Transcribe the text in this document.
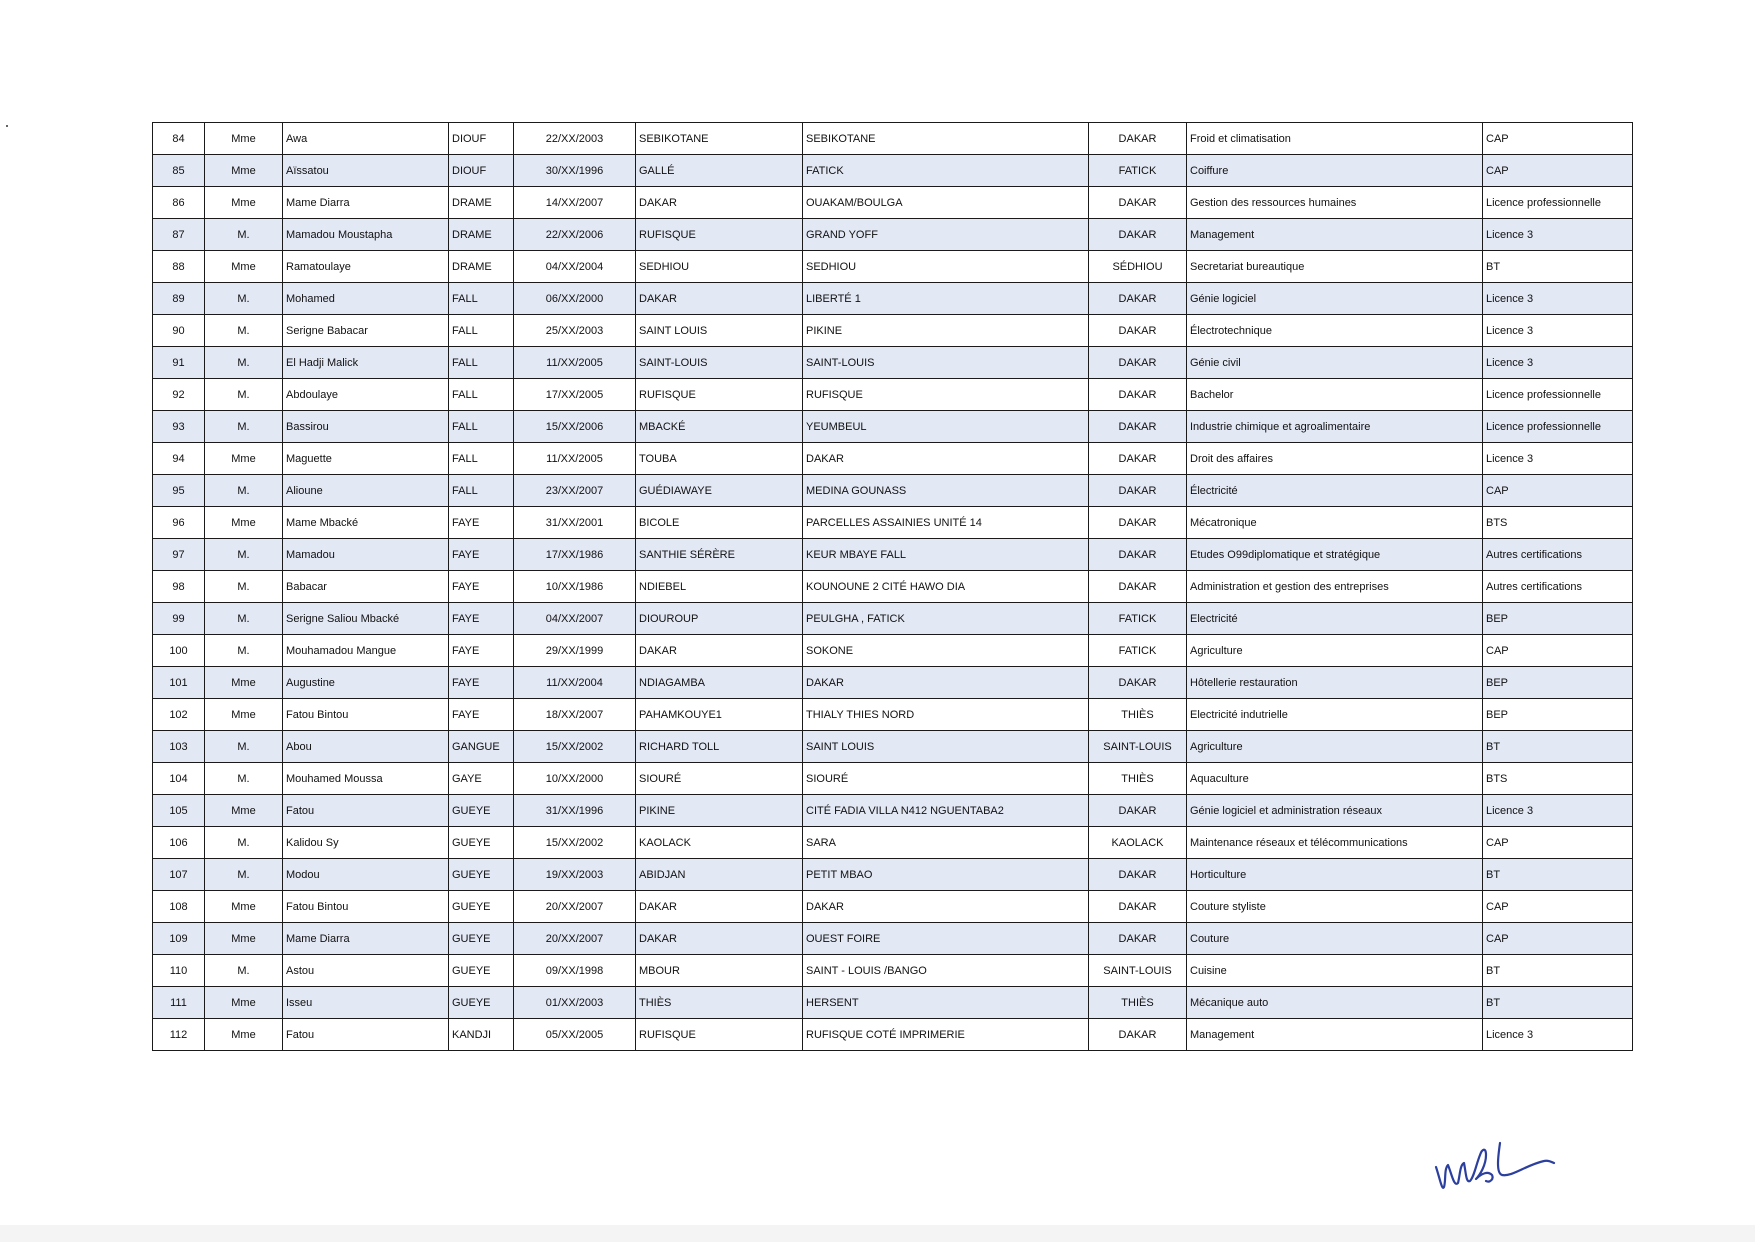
84	Mme	Awa	DIOUF	22/XX/2003	SEBIKOTANE	SEBIKOTANE	DAKAR	Froid et climatisation	CAP
85	Mme	Aïssatou	DIOUF	30/XX/1996	GALLÉ	FATICK	FATICK	Coiffure	CAP
86	Mme	Mame Diarra	DRAME	14/XX/2007	DAKAR	OUAKAM/BOULGA	DAKAR	Gestion des ressources humaines	Licence professionnelle
87	M.	Mamadou Moustapha	DRAME	22/XX/2006	RUFISQUE	GRAND YOFF	DAKAR	Management	Licence 3
88	Mme	Ramatoulaye	DRAME	04/XX/2004	SEDHIOU	SEDHIOU	SÉDHIOU	Secretariat bureautique	BT
89	M.	Mohamed	FALL	06/XX/2000	DAKAR	LIBERTÉ 1	DAKAR	Génie logiciel	Licence 3
90	M.	Serigne Babacar	FALL	25/XX/2003	SAINT LOUIS	PIKINE	DAKAR	Électrotechnique	Licence 3
91	M.	El Hadji Malick	FALL	11/XX/2005	SAINT-LOUIS	SAINT-LOUIS	DAKAR	Génie civil	Licence 3
92	M.	Abdoulaye	FALL	17/XX/2005	RUFISQUE	RUFISQUE	DAKAR	Bachelor	Licence professionnelle
93	M.	Bassirou	FALL	15/XX/2006	MBACKÉ	YEUMBEUL	DAKAR	Industrie chimique et agroalimentaire	Licence professionnelle
94	Mme	Maguette	FALL	11/XX/2005	TOUBA	DAKAR	DAKAR	Droit des affaires	Licence 3
95	M.	Alioune	FALL	23/XX/2007	GUÉDIAWAYE	MEDINA GOUNASS	DAKAR	Électricité	CAP
96	Mme	Mame Mbacké	FAYE	31/XX/2001	BICOLE	PARCELLES ASSAINIES UNITÉ 14	DAKAR	Mécatronique	BTS
97	M.	Mamadou	FAYE	17/XX/1986	SANTHIE SÉRÈRE	KEUR MBAYE FALL	DAKAR	Etudes O99diplomatique et stratégique	Autres certifications
98	M.	Babacar	FAYE	10/XX/1986	NDIEBEL	KOUNOUNE 2 CITÉ HAWO DIA	DAKAR	Administration et gestion des entreprises	Autres certifications
99	M.	Serigne Saliou Mbacké	FAYE	04/XX/2007	DIOUROUP	PEULGHA , FATICK	FATICK	Electricité	BEP
100	M.	Mouhamadou Mangue	FAYE	29/XX/1999	DAKAR	SOKONE	FATICK	Agriculture	CAP
101	Mme	Augustine	FAYE	11/XX/2004	NDIAGAMBA	DAKAR	DAKAR	Hôtellerie restauration	BEP
102	Mme	Fatou Bintou	FAYE	18/XX/2007	PAHAMKOUYE1	THIALY THIES NORD	THIÈS	Electricité indutrielle	BEP
103	M.	Abou	GANGUE	15/XX/2002	RICHARD TOLL	SAINT LOUIS	SAINT-LOUIS	Agriculture	BT
104	M.	Mouhamed Moussa	GAYE	10/XX/2000	SIOURÉ	SIOURÉ	THIÈS	Aquaculture	BTS
105	Mme	Fatou	GUEYE	31/XX/1996	PIKINE	CITÉ FADIA VILLA N412 NGUENTABA2	DAKAR	Génie logiciel et administration réseaux	Licence 3
106	M.	Kalidou Sy	GUEYE	15/XX/2002	KAOLACK	SARA	KAOLACK	Maintenance réseaux et télécommunications	CAP
107	M.	Modou	GUEYE	19/XX/2003	ABIDJAN	PETIT MBAO	DAKAR	Horticulture	BT
108	Mme	Fatou Bintou	GUEYE	20/XX/2007	DAKAR	DAKAR	DAKAR	Couture styliste	CAP
109	Mme	Mame Diarra	GUEYE	20/XX/2007	DAKAR	OUEST FOIRE	DAKAR	Couture	CAP
110	M.	Astou	GUEYE	09/XX/1998	MBOUR	SAINT - LOUIS /BANGO	SAINT-LOUIS	Cuisine	BT
111	Mme	Isseu	GUEYE	01/XX/2003	THIÈS	HERSENT	THIÈS	Mécanique auto	BT
112	Mme	Fatou	KANDJI	05/XX/2005	RUFISQUE	RUFISQUE COTÉ IMPRIMERIE	DAKAR	Management	Licence 3
